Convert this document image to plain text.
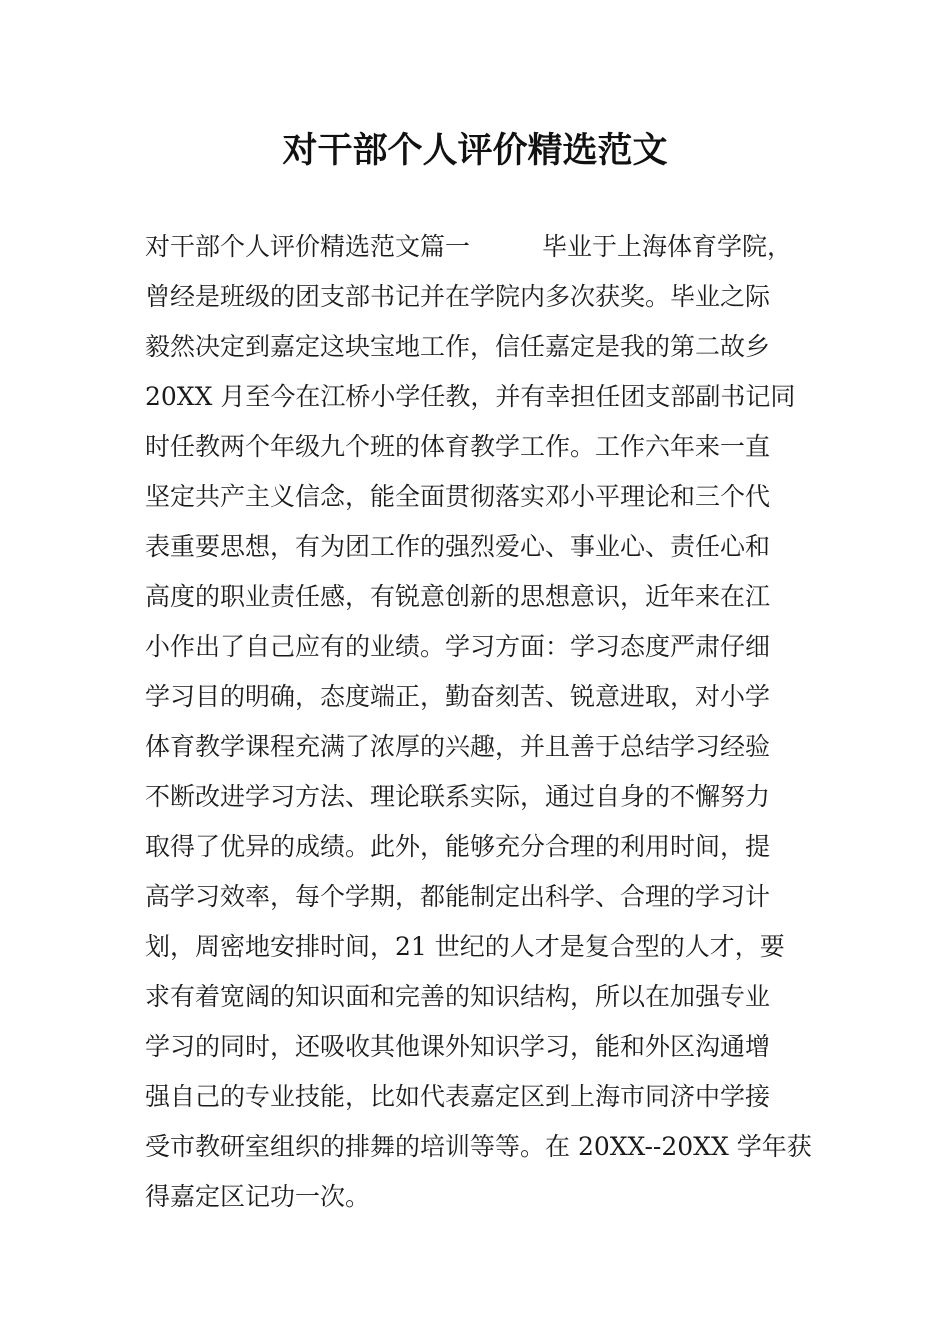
对干部个人评价精选范文
对干部个人评价精选范文篇一	毕业于上海体育学院，
曾经是班级的团支部书记并在学院内多次获奖。毕业之际
毅然决定到嘉定这块宝地工作，信任嘉定是我的第二故乡
20XX 月至今在江桥小学任教，并有幸担任团支部副书记同
时任教两个年级九个班的体育教学工作。工作六年来一直
坚定共产主义信念，能全面贯彻落实邓小平理论和三个代
表重要思想，有为团工作的强烈爱心、事业心、责任心和
高度的职业责任感，有锐意创新的思想意识，近年来在江
小作出了自己应有的业绩。学习方面：学习态度严肃仔细
学习目的明确，态度端正，勤奋刻苦、锐意进取，对小学
体育教学课程充满了浓厚的兴趣，并且善于总结学习经验
不断改进学习方法、理论联系实际，通过自身的不懈努力
取得了优异的成绩。此外，能够充分合理的利用时间，提
高学习效率，每个学期，都能制定出科学、合理的学习计
划，周密地安排时间，21 世纪的人才是复合型的人才，要
求有着宽阔的知识面和完善的知识结构，所以在加强专业
学习的同时，还吸收其他课外知识学习，能和外区沟通增
强自己的专业技能，比如代表嘉定区到上海市同济中学接
受市教研室组织的排舞的培训等等。在 20XX--20XX 学年获
得嘉定区记功一次。
